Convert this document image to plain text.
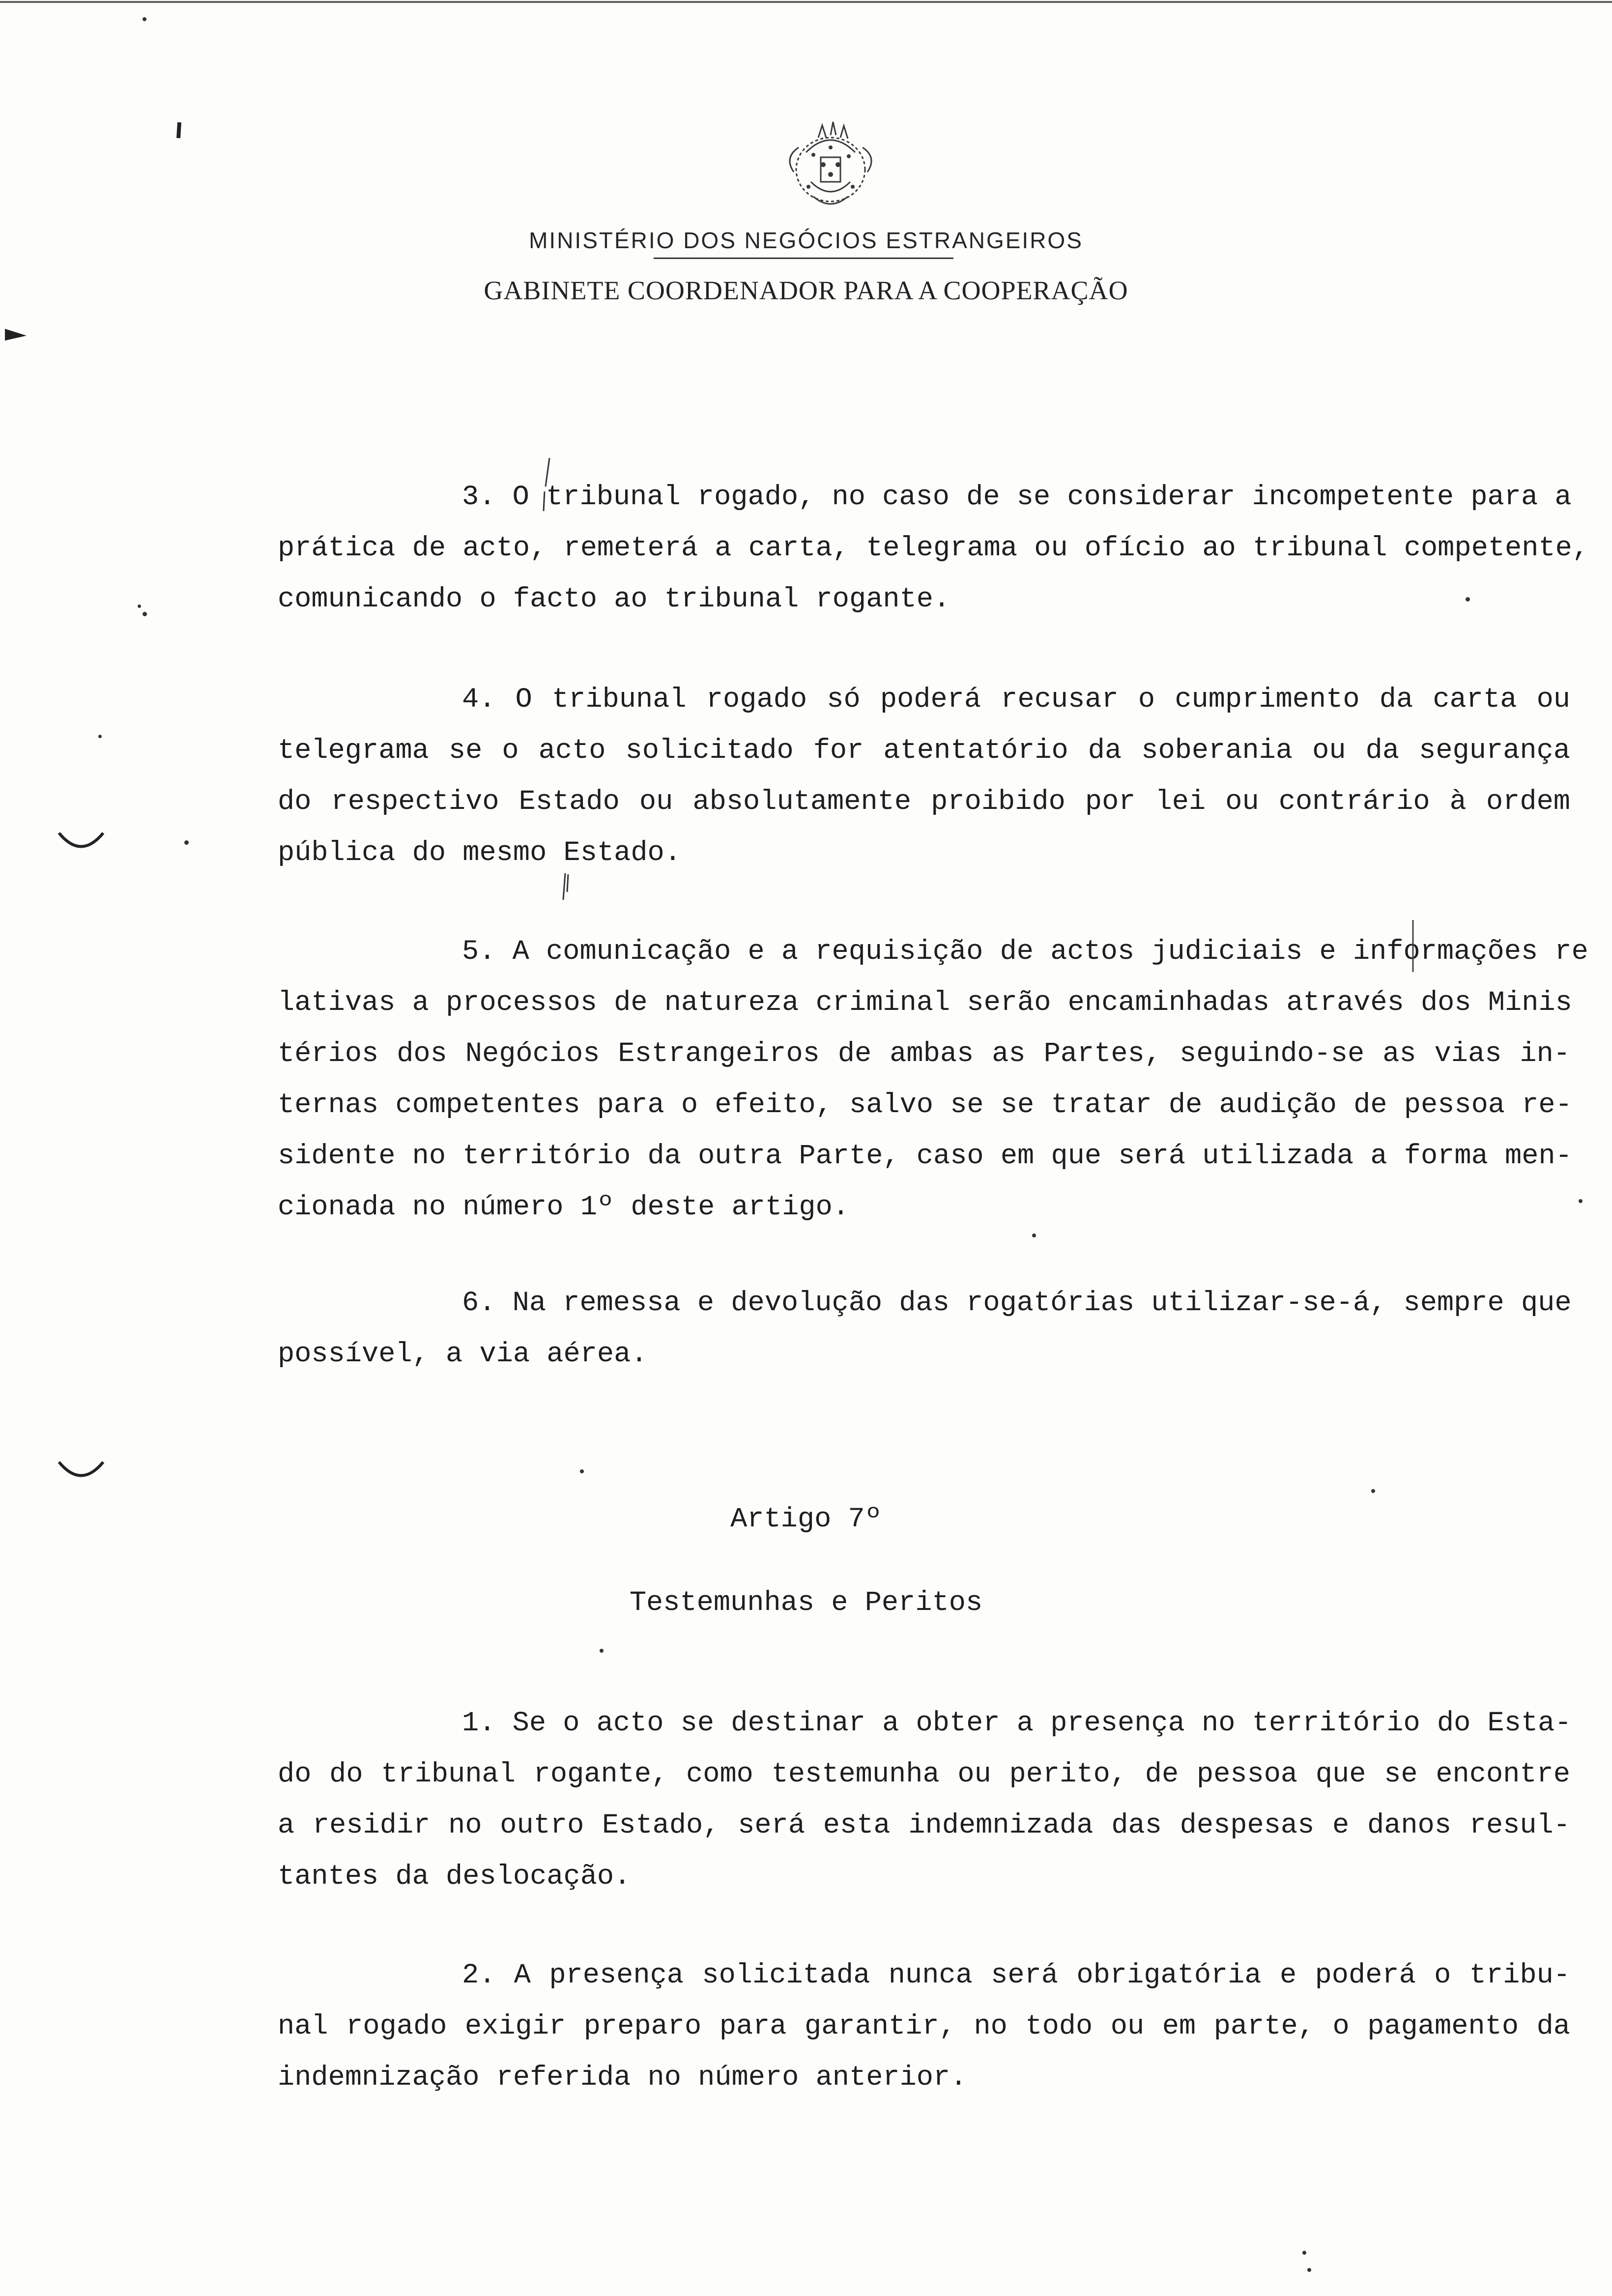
MINISTÉRIO DOS NEGÓCIOS ESTRANGEIROS
GABINETE COORDENADOR PARA A COOPERAÇÃO
3. O tribunal rogado, no caso de se considerar incompetente para a
prática de acto, remeterá a carta, telegrama ou ofício ao tribunal competente,
comunicando o facto ao tribunal rogante.
4. O tribunal rogado só poderá recusar o cumprimento da carta ou
telegrama se o acto solicitado for atentatório da soberania ou da segurança
do respectivo Estado ou absolutamente proibido por lei ou contrário à ordem
pública do mesmo Estado.
5. A comunicação e a requisição de actos judiciais e informações re
lativas a processos de natureza criminal serão encaminhadas através dos Minis
térios dos Negócios Estrangeiros de ambas as Partes, seguindo-se as vias in-
ternas competentes para o efeito, salvo se se tratar de audição de pessoa re-
sidente no território da outra Parte, caso em que será utilizada a forma men-
cionada no número 1º deste artigo.
6. Na remessa e devolução das rogatórias utilizar-se-á, sempre que
possível, a via aérea.
Artigo 7º
Testemunhas e Peritos
1. Se o acto se destinar a obter a presença no território do Esta-
do do tribunal rogante, como testemunha ou perito, de pessoa que se encontre
a residir no outro Estado, será esta indemnizada das despesas e danos resul-
tantes da deslocação.
2. A presença solicitada nunca será obrigatória e poderá o tribu-
nal rogado exigir preparo para garantir, no todo ou em parte, o pagamento da
indemnização referida no número anterior.
